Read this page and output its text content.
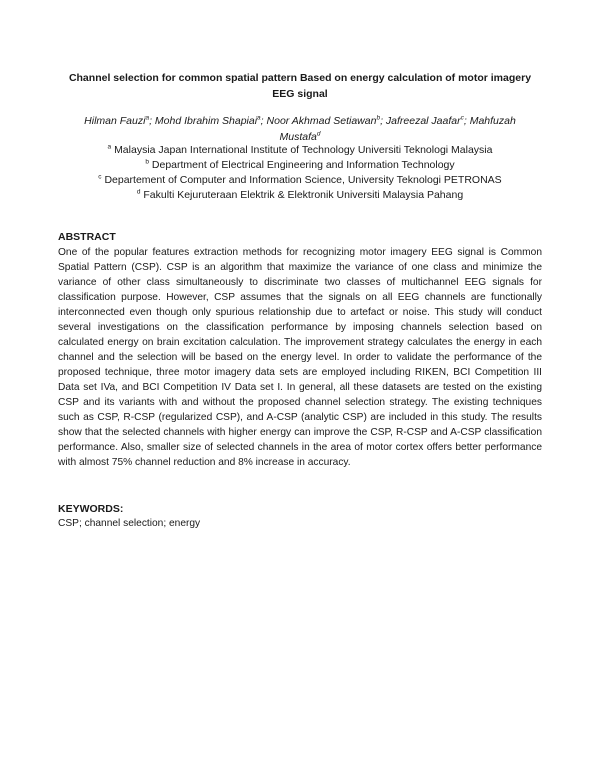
Channel selection for common spatial pattern Based on energy calculation of motor imagery
EEG signal
Hilman Fauzi$^a$; Mohd Ibrahim Shapiai$^a$; Noor Akhmad Setiawan$^b$; Jafreezal Jaafar$^c$; Mahfuzah Mustafa$^d$
$^a$ Malaysia Japan International Institute of Technology Universiti Teknologi Malaysia
$^b$ Department of Electrical Engineering and Information Technology
$^c$ Departement of Computer and Information Science, University Teknologi PETRONAS
$^d$ Fakulti Kejuruteraan Elektrik & Elektronik Universiti Malaysia Pahang
ABSTRACT

One of the popular features extraction methods for recognizing motor imagery EEG signal is Common Spatial Pattern (CSP). CSP is an algorithm that maximize the variance of one class and minimize the variance of other class simultaneously to discriminate two classes of multichannel EEG signals for classification purpose. However, CSP assumes that the signals on all EEG channels are functionally interconnected even though only spurious relationship due to artefact or noise. This study will conduct several investigations on the classification performance by imposing channels selection based on calculated energy on brain excitation calculation. The improvement strategy calculates the energy in each channel and the selection will be based on the energy level. In order to validate the performance of the proposed technique, three motor imagery data sets are employed including RIKEN, BCI Competition III Data set IVa, and BCI Competition IV Data set I. In general, all these datasets are tested on the existing CSP and its variants with and without the proposed channel selection strategy. The existing techniques such as CSP, R-CSP (regularized CSP), and A-CSP (analytic CSP) are included in this study. The results show that the selected channels with higher energy can improve the CSP, R-CSP and A-CSP classification performance. Also, smaller size of selected channels in the area of motor cortex offers better performance with almost 75% channel reduction and 8% increase in accuracy.

KEYWORDS:
CSP; channel selection; energy
